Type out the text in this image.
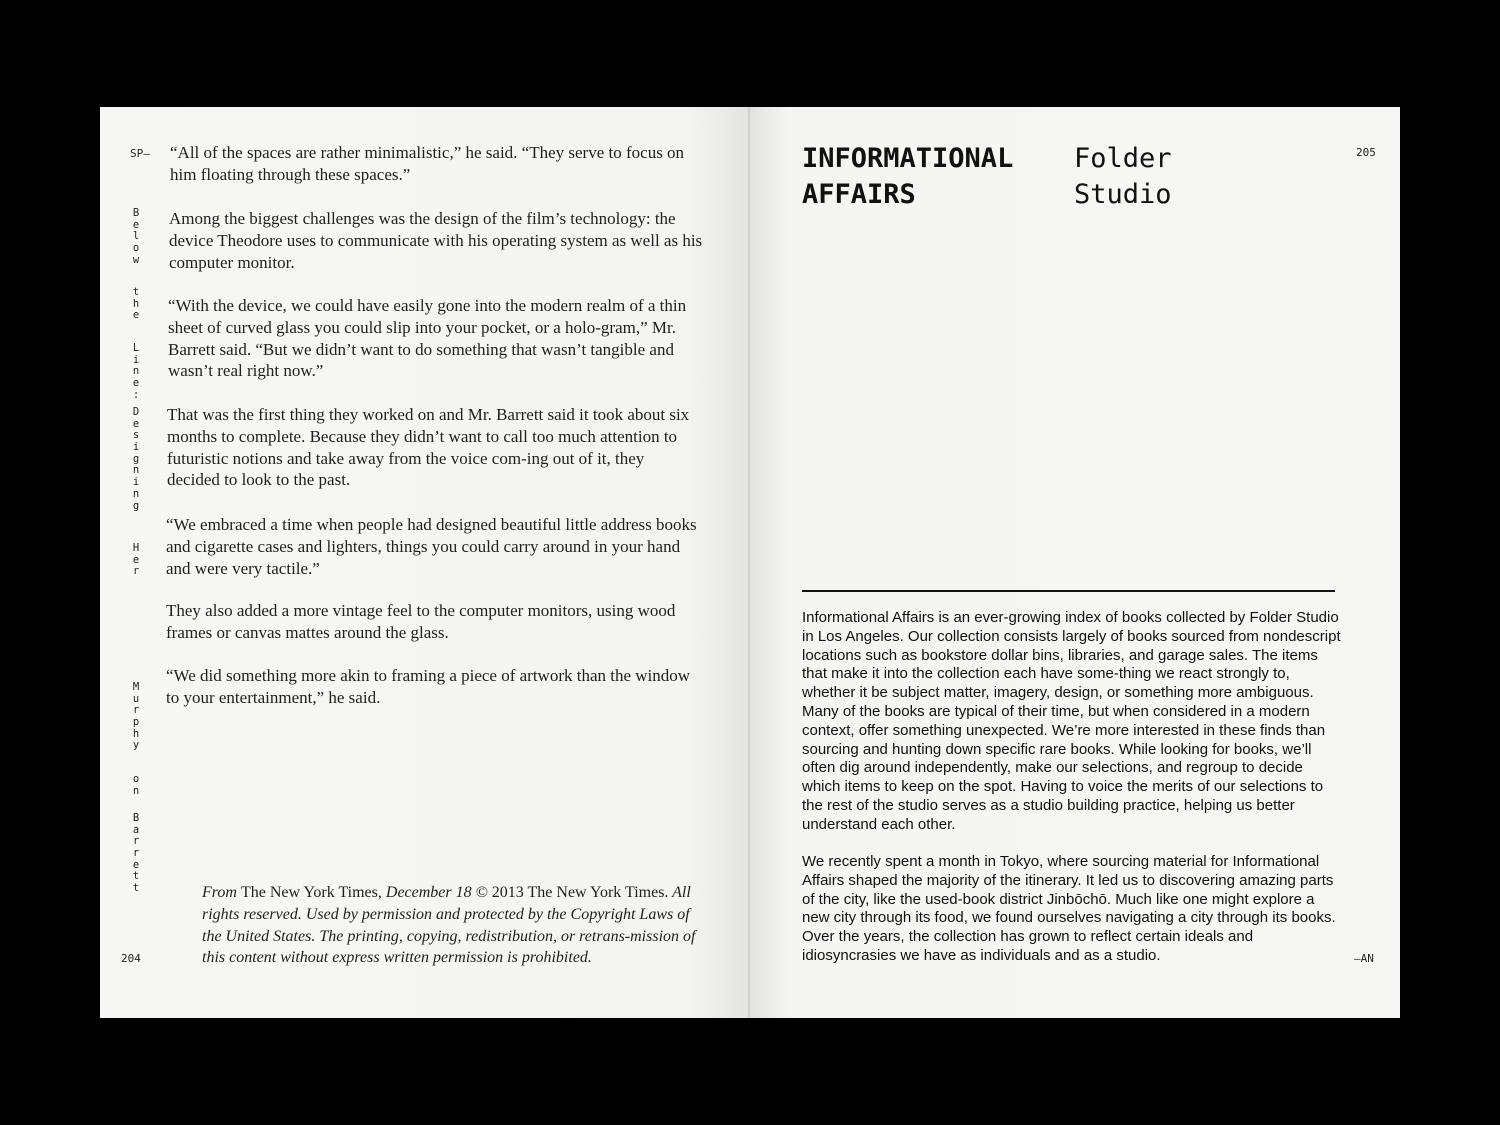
SP–
B
e
l
o
w
t
h
e
L
i
n
e
:
D
e
s
i
g
n
i
n
g
H
e
r
M
u
r
p
h
y
o
n
B
a
r
r
e
t
t

“All of the spaces are rather minimalistic,” he said. “They serve to focus on him floating through these spaces.”

Among the biggest challenges was the design of the film’s technology: the device Theodore uses to communicate with his operating system as well as his computer monitor.

“With the device, we could have easily gone into the modern realm of a thin sheet of curved glass you could slip into your pocket, or a holo-gram,” Mr. Barrett said. “But we didn’t want to do something that wasn’t tangible and wasn’t real right now.”

That was the first thing they worked on and Mr. Barrett said it took about six months to complete. Because they didn’t want to call too much attention to futuristic notions and take away from the voice com-ing out of it, they decided to look to the past.

“We embraced a time when people had designed beautiful little address books and cigarette cases and lighters, things you could carry around in your hand and were very tactile.”

They also added a more vintage feel to the computer monitors, using wood frames or canvas mattes around the glass.

“We did something more akin to framing a piece of artwork than the window to your entertainment,” he said.

From The New York Times, December 18 © 2013 The New York Times. All rights reserved. Used by permission and protected by the Copyright Laws of the United States. The printing, copying, redistribution, or retrans-mission of this content without express written permission is prohibited.

204
INFORMATIONAL
AFFAIRS
Folder
Studio
205

Informational Affairs is an ever-growing index of books collected by Folder Studio in Los Angeles. Our collection consists largely of books sourced from nondescript locations such as bookstore dollar bins, libraries, and garage sales. The items that make it into the collection each have some-thing we react strongly to, whether it be subject matter, imagery, design, or something more ambiguous. Many of the books are typical of their time, but when considered in a modern context, offer something unexpected. We’re more interested in these finds than sourcing and hunting down specific rare books. While looking for books, we’ll often dig around independently, make our selections, and regroup to decide which items to keep on the spot. Having to voice the merits of our selections to the rest of the studio serves as a studio building practice, helping us better understand each other.

We recently spent a month in Tokyo, where sourcing material for Informational Affairs shaped the majority of the itinerary. It led us to discovering amazing parts of the city, like the used-book district Jinbōchō. Much like one might explore a new city through its food, we found ourselves navigating a city through its books. Over the years, the collection has grown to reflect certain ideals and idiosyncrasies we have as individuals and as a studio.	–AN
